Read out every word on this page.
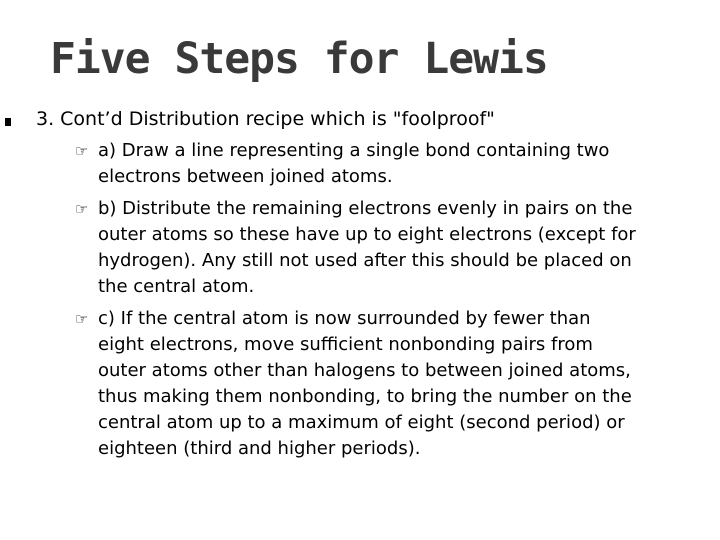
Five Steps for Lewis
3. Cont’d Distribution recipe which is "foolproof"
☞ a) Draw a line representing a single bond containing two
electrons between joined atoms.
☞ b) Distribute the remaining electrons evenly in pairs on the
outer atoms so these have up to eight electrons (except for
hydrogen). Any still not used after this should be placed on
the central atom.
☞ c) If the central atom is now surrounded by fewer than
eight electrons, move sufficient nonbonding pairs from
outer atoms other than halogens to between joined atoms,
thus making them nonbonding, to bring the number on the
central atom up to a maximum of eight (second period) or
eighteen (third and higher periods).
